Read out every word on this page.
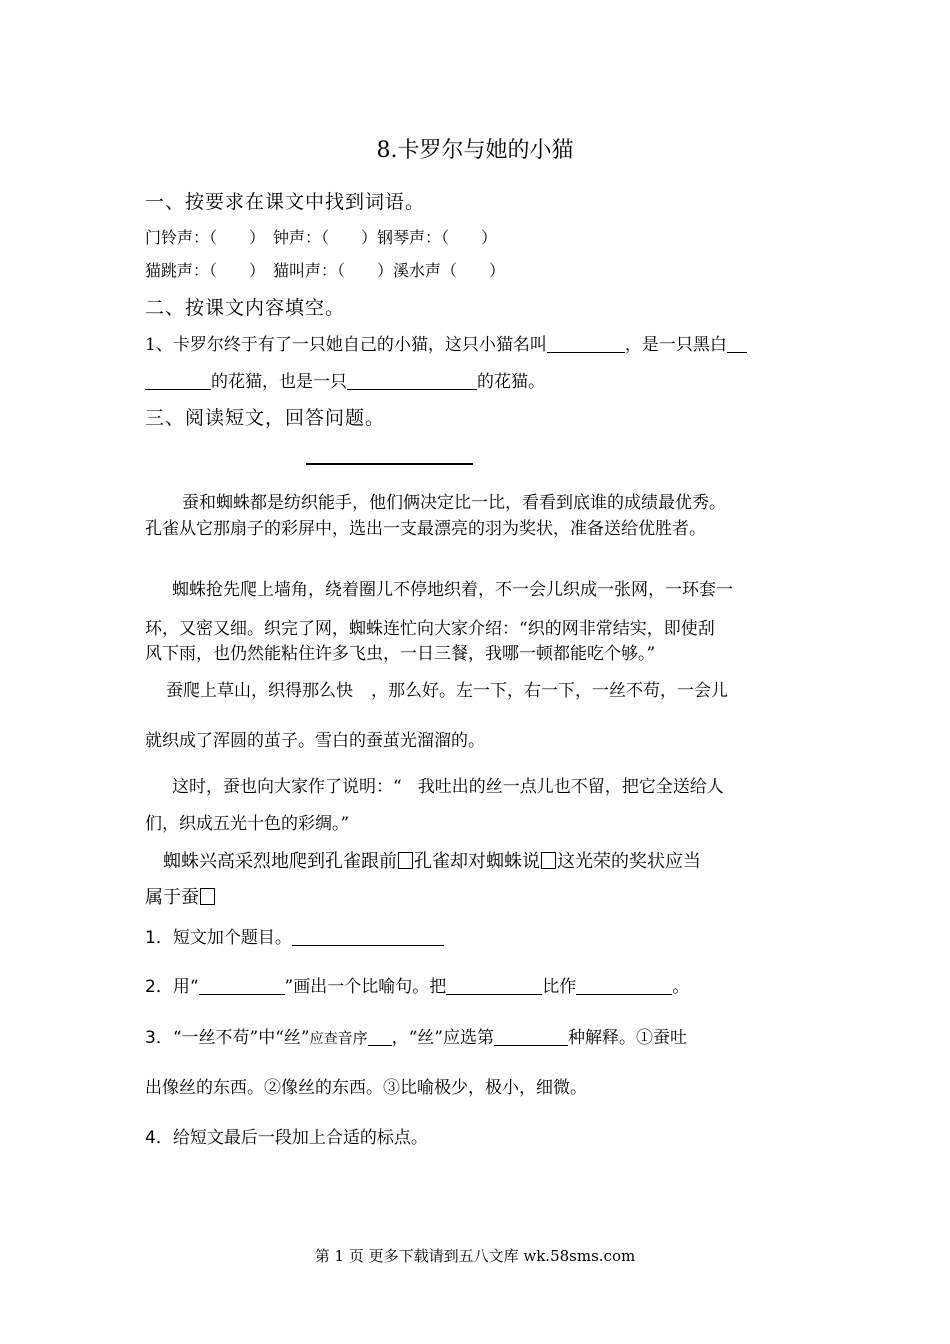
8.卡罗尔与她的小猫
一、按要求在课文中找到词语。
门铃声：（　　）　钟声：（　　）钢琴声：（　　）
猫跳声：（　　）　猫叫声：（　　）溪水声（　　）
二、按课文内容填空。
1、卡罗尔终于有了一只她自己的小猫，这只小猫名叫	，是一只黑白
的花猫，也是一只	的花猫。
三、阅读短文，回答问题。
蚕和蜘蛛都是纺织能手，他们俩决定比一比，看看到底谁的成绩最优秀。
孔雀从它那扇子的彩屏中，选出一支最漂亮的羽为奖状，准备送给优胜者。
蜘蛛抢先爬上墙角，绕着圈儿不停地织着，不一会儿织成一张网，一环套一
环，又密又细。织完了网，蜘蛛连忙向大家介绍：“织的网非常结实，即使刮
风下雨，也仍然能粘住许多飞虫，一日三餐，我哪一顿都能吃个够。”
蚕爬上草山，织得那么快 ，那么好。左一下，右一下，一丝不苟，一会儿
就织成了浑圆的茧子。雪白的蚕茧光溜溜的。
这时，蚕也向大家作了说明：“ 我吐出的丝一点儿也不留，把它全送给人
们，织成五光十色的彩绸。”
蜘蛛兴高采烈地爬到孔雀跟前 孔雀却对蜘蛛说 这光荣的奖状应当
属于蚕
1．短文加个题目。
2．用“	”画出一个比喻句。把	比作	。
3．“一丝不苟”中“丝”应查音序 ，“丝”应选第	种解释。①蚕吐
出像丝的东西。②像丝的东西。③比喻极少，极小，细微。
4．给短文最后一段加上合适的标点。
第 1 页 更多下载请到五八文库 wk.58sms.com
